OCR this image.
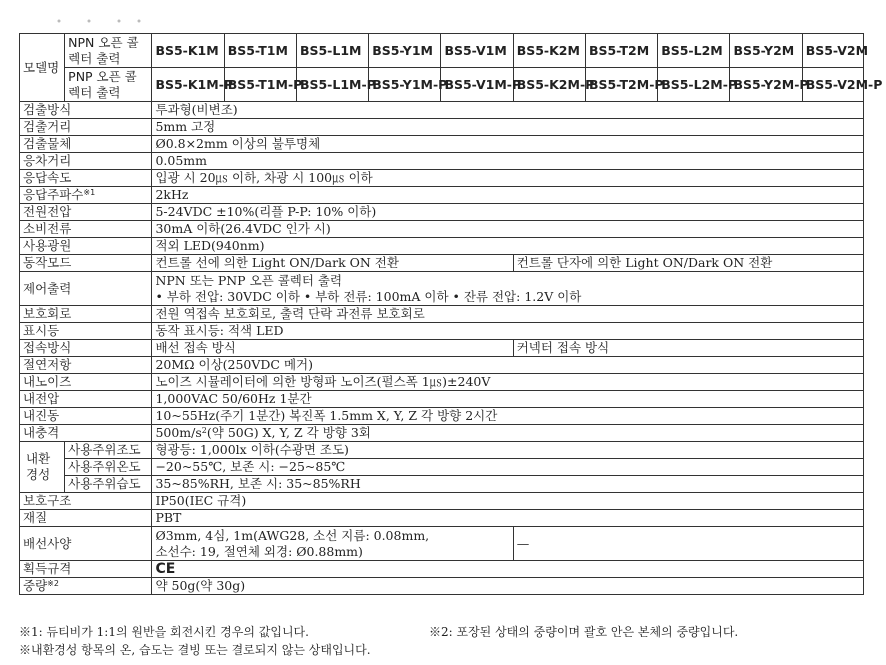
모델명	NPN 오픈 콜렉터 출력	BS5-K1M	BS5-T1M	BS5-L1M	BS5-Y1M	BS5-V1M	BS5-K2M	BS5-T2M	BS5-L2M	BS5-Y2M	BS5-V2M
	PNP 오픈 콜렉터 출력	BS5-K1M-P	BS5-T1M-P	BS5-L1M-P	BS5-Y1M-P	BS5-V1M-P	BS5-K2M-P	BS5-T2M-P	BS5-L2M-P	BS5-Y2M-P	BS5-V2M-P
검출방식		투과형(비변조)									
검출거리		5mm 고정									
검출물체		Ø0.8×2mm 이상의 불투명체									
응차거리		0.05mm									
응답속도		입광 시 20㎲ 이하, 차광 시 100㎲ 이하									
응답주파수$^{※1}$		2kHz									
전원전압		5-24VDC ±10%(리플 P-P: 10% 이하)									
소비전류		30mA 이하(26.4VDC 인가 시)									
사용광원		적외 LED(940nm)									
동작모드		컨트롤 선에 의한 Light ON/Dark ON 전환					컨트롤 단자에 의한 Light ON/Dark ON 전환				
제어출력		NPN 또는 PNP 오픈 콜렉터 출력
• 부하 전압: 30VDC 이하 • 부하 전류: 100mA 이하 • 잔류 전압: 1.2V 이하									

보호회로		전원 역접속 보호회로, 출력 단락 과전류 보호회로									
표시등		동작 표시등: 적색 LED									
접속방식		배선 접속 방식					커넥터 접속 방식				
절연저항		20MΩ 이상(250VDC 메거)									
내노이즈		노이즈 시뮬레이터에 의한 방형파 노이즈(펄스폭 1㎲)±240V									
내전압		1,000VAC 50/60Hz 1분간									
내진동		10~55Hz(주기 1분간) 복진폭 1.5mm X, Y, Z 각 방향 2시간									
내충격		$500m/s^2$(약 50G) X, Y, Z 각 방향 3회									
내환경성	사용주위조도	형광등: 1,000lx 이하(수광면 조도)									
	사용주위온도	−20~55℃, 보존 시: −25~85℃									
	사용주위습도	35~85%RH, 보존 시: 35~85%RH									
보호구조		IP50(IEC 규격)									
재질		PBT									
배선사양		Ø3mm, 4심, 1m(AWG28, 소선 지름: 0.08mm,
소선수: 19, 절연체 외경: Ø0.88mm)					—				
획득규격		CE									
중량$^{※2}$		약 50g(약 30g)									
※1: 듀티비가 1:1의 원반을 회전시킨 경우의 값입니다.	※2: 포장된 상태의 중량이며 괄호 안은 본체의 중량입니다.
※내환경성 항목의 온, 습도는 결빙 또는 결로되지 않는 상태입니다.
